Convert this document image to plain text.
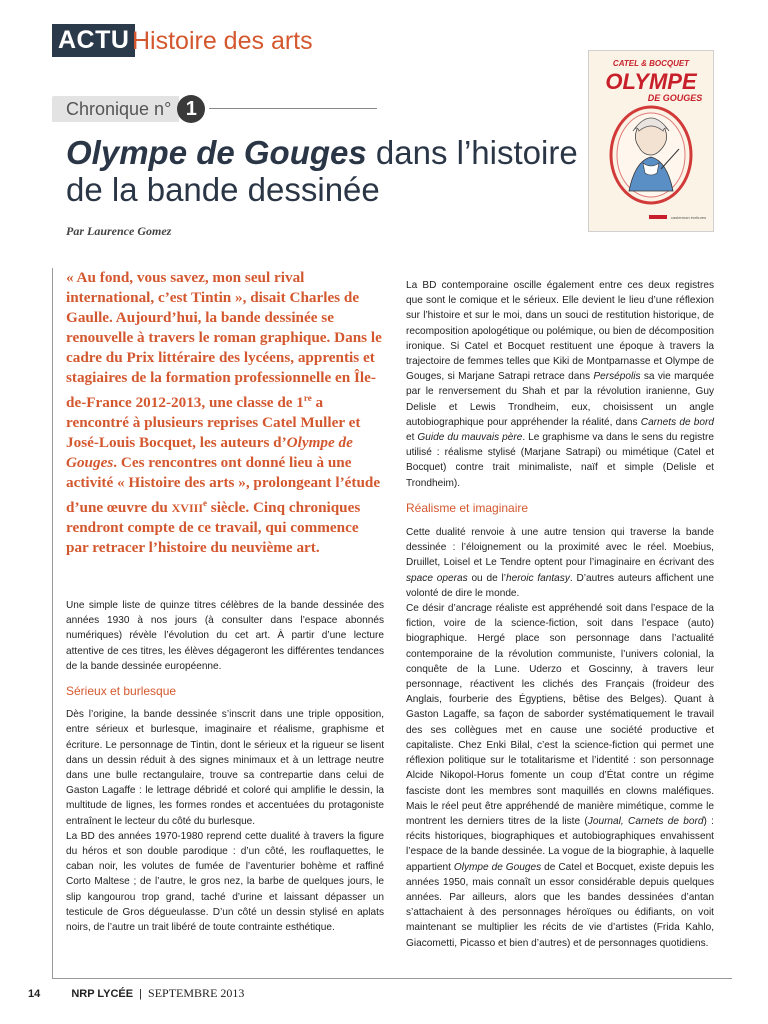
ACTU Histoire des arts
Chronique n° 1
Olympe de Gouges dans l’histoire
de la bande dessinée
Par Laurence Gomez
CATEL & BOCQUET
OLYMPE
DE GOUGES
casterman écritures
« Au fond, vous savez, mon seul rival international, c’est Tintin », disait Charles de Gaulle. Aujourd’hui, la bande dessinée se renouvelle à travers le roman graphique. Dans le cadre du Prix littéraire des lycéens, apprentis et stagiaires de la formation professionnelle en Île-de-France 2012-2013, une classe de 1re a rencontré à plusieurs reprises Catel Muller et José-Louis Bocquet, les auteurs d’Olympe de Gouges. Ces rencontres ont donné lieu à une activité « Histoire des arts », prolongeant l’étude d’une œuvre du XVIIIe siècle. Cinq chroniques rendront compte de ce travail, qui commence par retracer l’histoire du neuvième art.

Une simple liste de quinze titres célèbres de la bande dessinée des années 1930 à nos jours (à consulter dans l’espace abonnés numériques) révèle l’évolution du cet art. À partir d’une lecture attentive de ces titres, les élèves dégageront les différentes tendances de la bande dessinée européenne.

Sérieux et burlesque

Dès l’origine, la bande dessinée s’inscrit dans une triple opposition, entre sérieux et burlesque, imaginaire et réalisme, graphisme et écriture. Le personnage de Tintin, dont le sérieux et la rigueur se lisent dans un dessin réduit à des signes minimaux et à un lettrage neutre dans une bulle rectangulaire, trouve sa contrepartie dans celui de Gaston Lagaffe : le lettrage débridé et coloré qui amplifie le dessin, la multitude de lignes, les formes rondes et accentuées du protagoniste entraînent le lecteur du côté du burlesque.

La BD des années 1970-1980 reprend cette dualité à travers la figure du héros et son double parodique : d’un côté, les rouflaquettes, le caban noir, les volutes de fumée de l’aventurier bohème et raffiné Corto Maltese ; de l’autre, le gros nez, la barbe de quelques jours, le slip kangourou trop grand, taché d’urine et laissant dépasser un testicule de Gros dégueulasse. D’un côté un dessin stylisé en aplats noirs, de l’autre un trait libéré de toute contrainte esthétique.

La BD contemporaine oscille également entre ces deux registres que sont le comique et le sérieux. Elle devient le lieu d’une réflexion sur l’histoire et sur le moi, dans un souci de restitution historique, de recomposition apologétique ou polémique, ou bien de décomposition ironique. Si Catel et Bocquet restituent une époque à travers la trajectoire de femmes telles que Kiki de Montparnasse et Olympe de Gouges, si Marjane Satrapi retrace dans Persépolis sa vie marquée par le renversement du Shah et par la révolution iranienne, Guy Delisle et Lewis Trondheim, eux, choisissent un angle autobiographique pour appréhender la réalité, dans Carnets de bord et Guide du mauvais père. Le graphisme va dans le sens du registre utilisé : réalisme stylisé (Marjane Satrapi) ou mimétique (Catel et Bocquet) contre trait minimaliste, naïf et simple (Delisle et Trondheim).

Réalisme et imaginaire

Cette dualité renvoie à une autre tension qui traverse la bande dessinée : l’éloignement ou la proximité avec le réel. Moebius, Druillet, Loisel et Le Tendre optent pour l’imaginaire en écrivant des space operas ou de l’heroic fantasy. D’autres auteurs affichent une volonté de dire le monde.

Ce désir d’ancrage réaliste est appréhendé soit dans l’espace de la fiction, voire de la science-fiction, soit dans l’espace (auto) biographique. Hergé place son personnage dans l’actualité contemporaine de la révolution communiste, l’univers colonial, la conquête de la Lune. Uderzo et Goscinny, à travers leur personnage, réactivent les clichés des Français (froideur des Anglais, fourberie des Égyptiens, bêtise des Belges). Quant à Gaston Lagaffe, sa façon de saborder systématiquement le travail des ses collègues met en cause une société productive et capitaliste. Chez Enki Bilal, c’est la science-fiction qui permet une réflexion politique sur le totalitarisme et l’identité : son personnage Alcide Nikopol-Horus fomente un coup d’État contre un régime fasciste dont les membres sont maquillés en clowns maléfiques. Mais le réel peut être appréhendé de manière mimétique, comme le montrent les derniers titres de la liste (Journal, Carnets de bord) : récits historiques, biographiques et autobiographiques envahissent l’espace de la bande dessinée. La vogue de la biographie, à laquelle appartient Olympe de Gouges de Catel et Bocquet, existe depuis les années 1950, mais connaît un essor considérable depuis quelques années. Par ailleurs, alors que les bandes dessinées d’antan s’attachaient à des personnages héroïques ou édifiants, on voit maintenant se multiplier les récits de vie d’artistes (Frida Kahlo, Giacometti, Picasso et bien d’autres) et de personnages quotidiens.

14	NRP LYCÉE | SEPTEMBRE 2013
